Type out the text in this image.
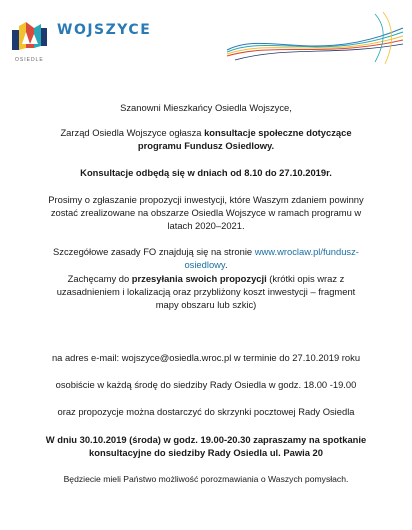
OSIEDLE
WOJSZYCE
Szanowni Mieszkańcy Osiedla Wojszyce,
Zarząd Osiedla Wojszyce ogłasza konsultacje społeczne dotyczące
programu Fundusz Osiedlowy.
Konsultacje odbędą się w dniach od 8.10 do 27.10.2019r.
Prosimy o zgłaszanie propozycji inwestycji, które Waszym zdaniem powinny
zostać zrealizowane na obszarze Osiedla Wojszyce w ramach programu w
latach 2020–2021.
Szczegółowe zasady FO znajdują się na stronie www.wroclaw.pl/fundusz-
osiedlowy.
Zachęcamy do przesyłania swoich propozycji (krótki opis wraz z
uzasadnieniem i lokalizacją oraz przybliżony koszt inwestycji – fragment
mapy obszaru lub szkic)
na adres e-mail: wojszyce@osiedla.wroc.pl w terminie do 27.10.2019 roku
osobiście w każdą środę do siedziby Rady Osiedla w godz. 18.00 -19.00
oraz propozycje można dostarczyć do skrzynki pocztowej Rady Osiedla
W dniu 30.10.2019 (środa) w godz. 19.00-20.30 zapraszamy na spotkanie
konsultacyjne do siedziby Rady Osiedla ul. Pawia 20
Będziecie mieli Państwo możliwość porozmawiania o Waszych pomysłach.
